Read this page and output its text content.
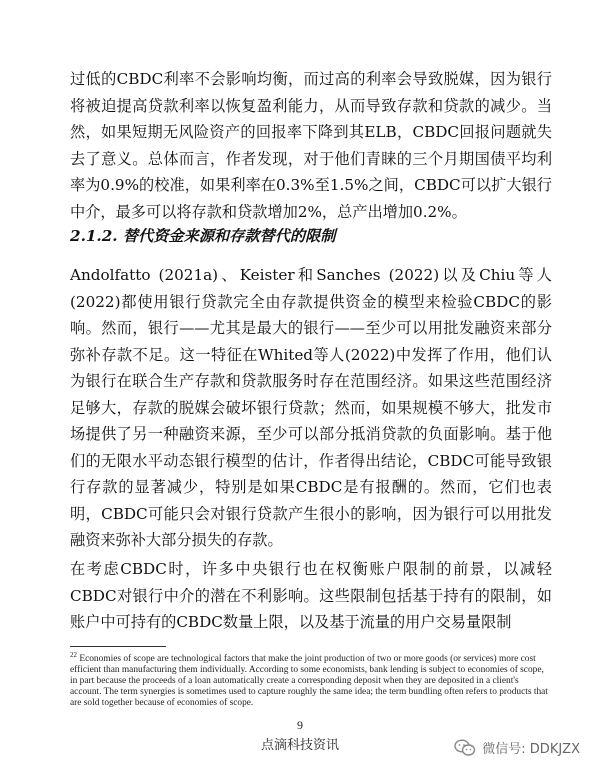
过低的CBDC利率不会影响均衡，而过高的利率会导致脱媒，因为银行将被迫提高贷款利率以恢复盈利能力，从而导致存款和贷款的减少。当然，如果短期无风险资产的回报率下降到其ELB，CBDC回报问题就失去了意义。总体而言，作者发现，对于他们青睐的三个月期国债平均利率为0.9%的校准，如果利率在0.3%至1.5%之间，CBDC可以扩大银行中介，最多可以将存款和贷款增加2%，总产出增加0.2%。
2.1.2. 替代资金来源和存款替代的限制
Andolfatto (2021a)、Keister和Sanches (2022)以及Chiu等人(2022)都使用银行贷款完全由存款提供资金的模型来检验CBDC的影响。然而，银行——尤其是最大的银行——至少可以用批发融资来部分弥补存款不足。这一特征在Whited等人(2022)中发挥了作用，他们认为银行在联合生产存款和贷款服务时存在范围经济。如果这些范围经济足够大，存款的脱媒会破坏银行贷款；然而，如果规模不够大，批发市场提供了另一种融资来源，至少可以部分抵消贷款的负面影响。基于他们的无限水平动态银行模型的估计，作者得出结论，CBDC可能导致银行存款的显著减少，特别是如果CBDC是有报酬的。然而，它们也表明，CBDC可能只会对银行贷款产生很小的影响，因为银行可以用批发融资来弥补大部分损失的存款。
在考虑CBDC时，许多中央银行也在权衡账户限制的前景，以减轻CBDC对银行中介的潜在不利影响。这些限制包括基于持有的限制，如账户中可持有的CBDC数量上限，以及基于流量的用户交易量限制
$^{22}$ Economies of scope are technological factors that make the joint production of two or more goods (or services) more cost efficient than manufacturing them individually. According to some economists, bank lending is subject to economies of scope, in part because the proceeds of a loan automatically create a corresponding deposit when they are deposited in a client's account. The term synergies is sometimes used to capture roughly the same idea; the term bundling often refers to products that are sold together because of economies of scope.
9
点滴科技资讯	微信号: DDKJZX
